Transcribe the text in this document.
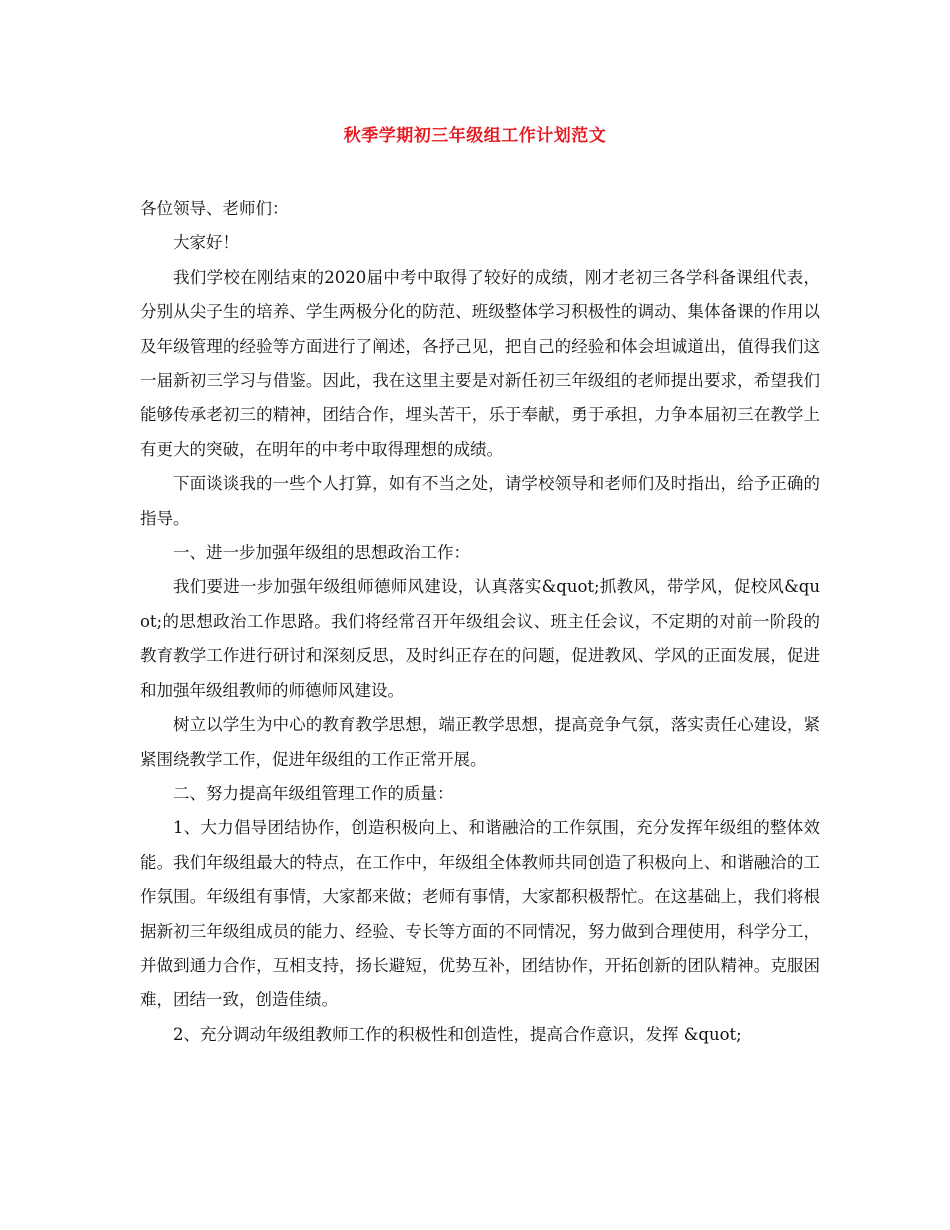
秋季学期初三年级组工作计划范文

各位领导、老师们：

大家好！

我们学校在刚结束的2020届中考中取得了较好的成绩，刚才老初三各学科备课组代表，分别从尖子生的培养、学生两极分化的防范、班级整体学习积极性的调动、集体备课的作用以及年级管理的经验等方面进行了阐述，各抒己见，把自己的经验和体会坦诚道出，值得我们这一届新初三学习与借鉴。因此，我在这里主要是对新任初三年级组的老师提出要求，希望我们能够传承老初三的精神，团结合作，埋头苦干，乐于奉献，勇于承担，力争本届初三在教学上有更大的突破，在明年的中考中取得理想的成绩。

下面谈谈我的一些个人打算，如有不当之处，请学校领导和老师们及时指出，给予正确的指导。

一、进一步加强年级组的思想政治工作：

我们要进一步加强年级组师德师风建设，认真落实&quot;抓教风，带学风，促校风&quot;的思想政治工作思路。我们将经常召开年级组会议、班主任会议，不定期的对前一阶段的教育教学工作进行研讨和深刻反思，及时纠正存在的问题，促进教风、学风的正面发展，促进和加强年级组教师的师德师风建设。

树立以学生为中心的教育教学思想，端正教学思想，提高竞争气氛，落实责任心建设，紧紧围绕教学工作，促进年级组的工作正常开展。

二、努力提高年级组管理工作的质量：

1、大力倡导团结协作，创造积极向上、和谐融洽的工作氛围，充分发挥年级组的整体效能。我们年级组最大的特点，在工作中，年级组全体教师共同创造了积极向上、和谐融洽的工作氛围。年级组有事情，大家都来做；老师有事情，大家都积极帮忙。在这基础上，我们将根据新初三年级组成员的能力、经验、专长等方面的不同情况，努力做到合理使用，科学分工，并做到通力合作，互相支持，扬长避短，优势互补，团结协作，开拓创新的团队精神。克服困难，团结一致，创造佳绩。

2、充分调动年级组教师工作的积极性和创造性，提高合作意识，发挥 &quot;
